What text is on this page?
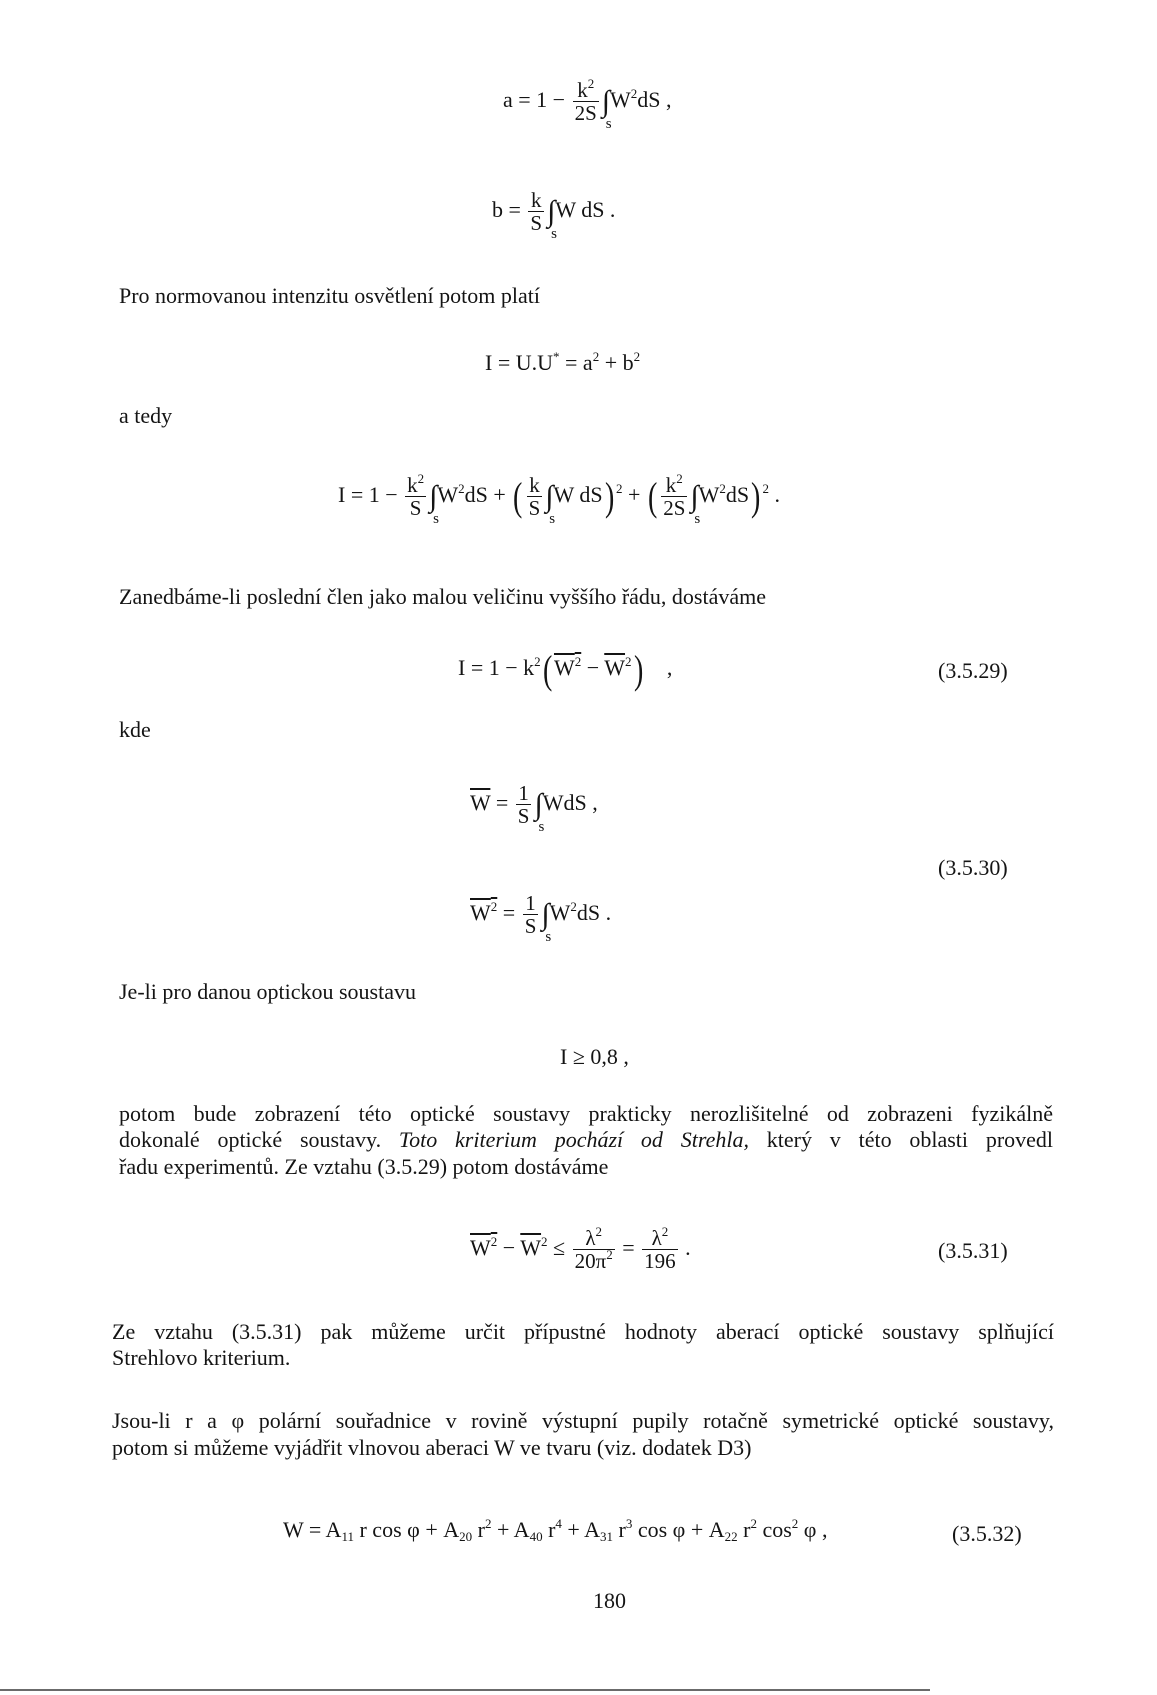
$a = 1 - \frac{k^2}{2S}$ ∫
s
$W^2dS$ ,
$b = \frac{k}{S}$ ∫
s
W dS .
Pro normovanou intenzitu osvětlení potom platí
$I = U.U^* = a^2 + b^2$
a tedy
$I = 1 - \frac{k^2}{S}$ ∫
s
$W^2dS$ + ( $\frac{k}{S}$ ∫
s
W dS) $^2$ + ( $\frac{k^2}{2S}$ ∫
s
$W^2dS$) $^2$ .
Zanedbáme-li poslední člen jako malou veličinu vyššího řádu, dostáváme
$I = 1 - k^2(W^2 - \overline{W}^2)$    ,	(3.5.29)
kde
$\overline{W} = \frac{1}{S}$ ∫
s
WdS ,
$W^2 = \frac{1}{S}$ ∫
s
$W^2dS$ .
(3.5.30)
Je-li pro danou optickou soustavu
I ≥ 0,8 ,
potom bude zobrazení této optické soustavy prakticky nerozlišitelné od zobrazeni fyzikálně
dokonalé optické soustavy. Toto kriterium pochází od Strehla, který v této oblasti provedl
řadu experimentů. Ze vztahu (3.5.29) potom dostáváme
$W^2 - \overline{W}^2 \le \frac{\lambda^2}{20\pi^2} = \frac{\lambda^2}{196}$ .	(3.5.31)
Ze vztahu (3.5.31) pak můžeme určit přípustné hodnoty aberací optické soustavy splňující
Strehlovo kriterium.
Jsou-li r a φ polární souřadnice v rovině výstupní pupily rotačně symetrické optické soustavy,
potom si můžeme vyjádřit vlnovou aberaci W ve tvaru (viz. dodatek D3)
$W = A_{11}$ r $\cos \varphi + A_{20}$ $r^2 + A_{40}$ $r^4 + A_{31}$ $r^3$ $\cos \varphi + A_{22}$ $r^2$ $\cos^2 \varphi$ ,	(3.5.32)
180
